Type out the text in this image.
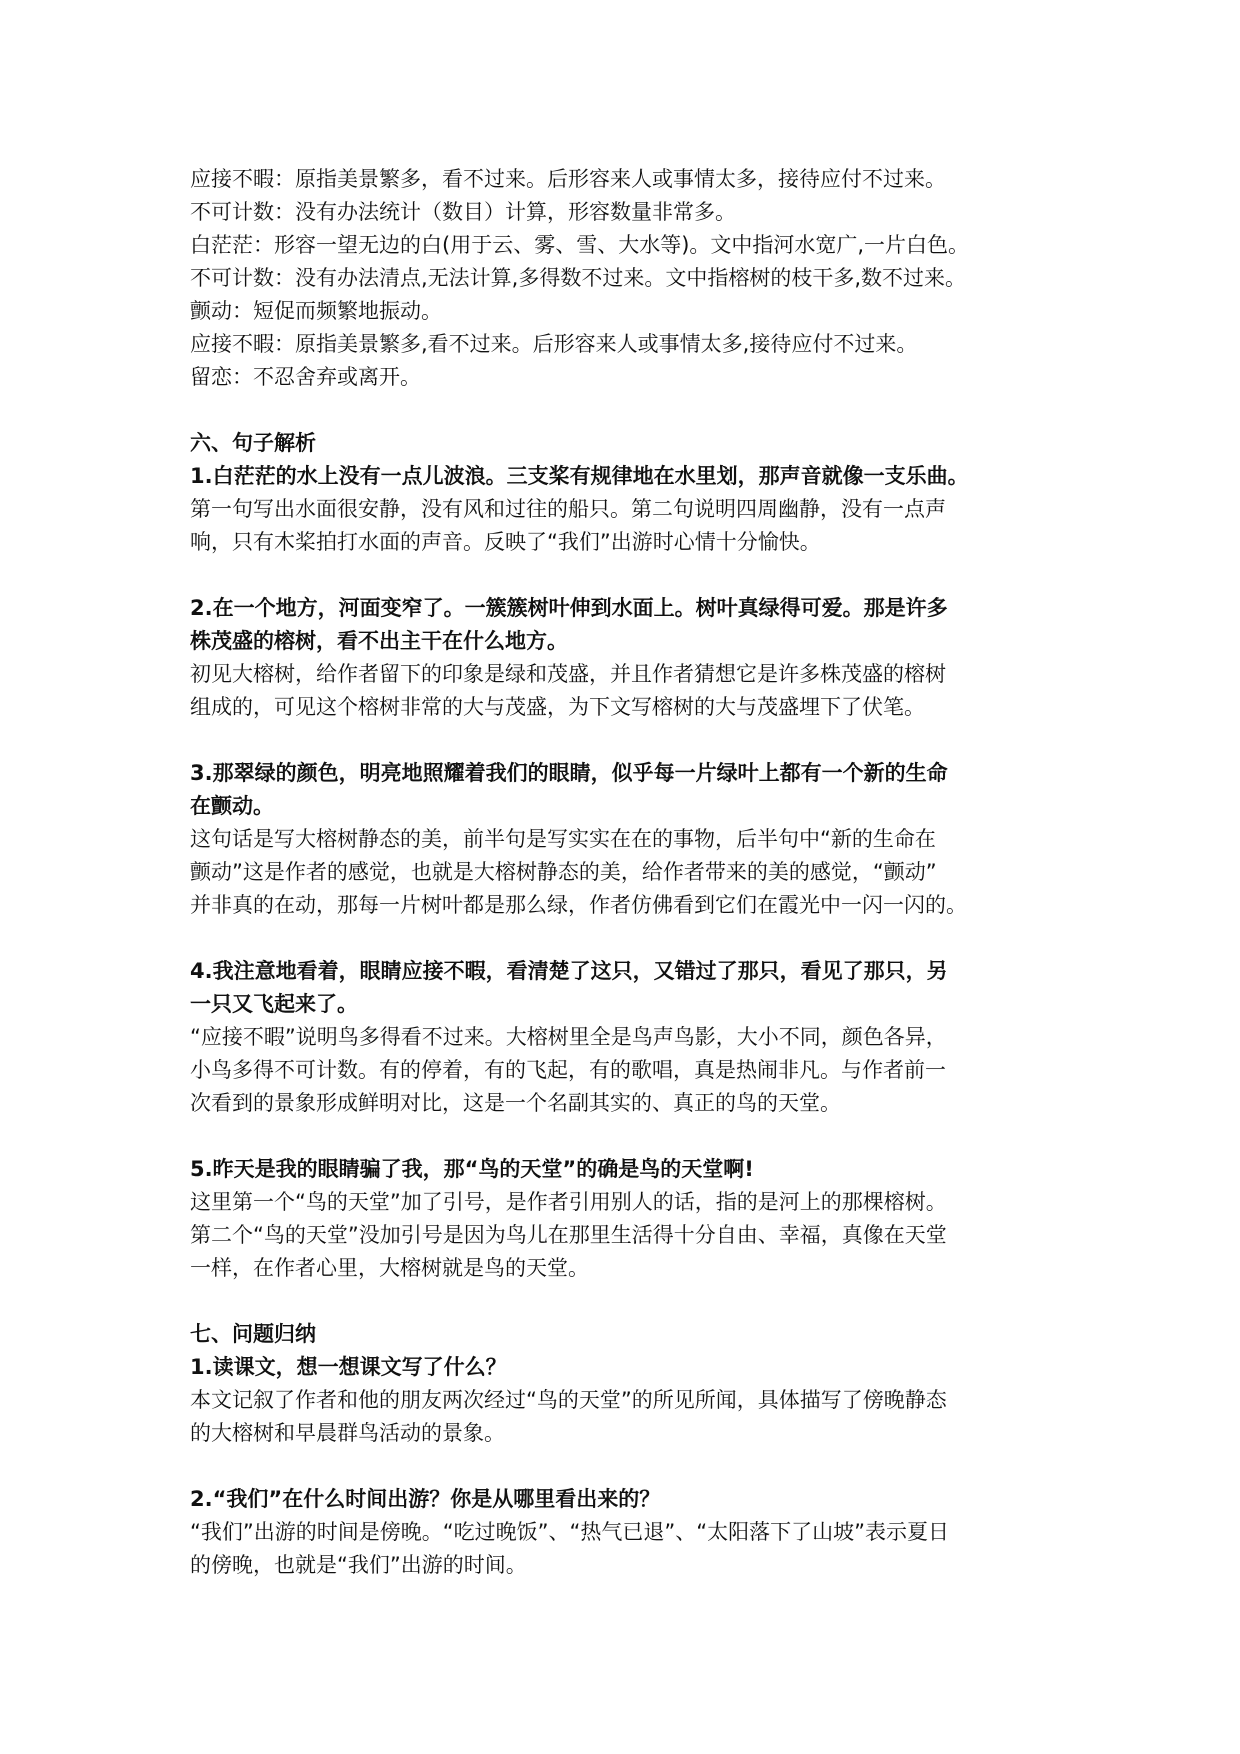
应接不暇：原指美景繁多，看不过来。后形容来人或事情太多，接待应付不过来。
不可计数：没有办法统计（数目）计算，形容数量非常多。
白茫茫：形容一望无边的白(用于云、雾、雪、大水等)。文中指河水宽广,一片白色。
不可计数：没有办法清点,无法计算,多得数不过来。文中指榕树的枝干多,数不过来。
颤动：短促而频繁地振动。
应接不暇：原指美景繁多,看不过来。后形容来人或事情太多,接待应付不过来。
留恋：不忍舍弃或离开。
六、句子解析
1.白茫茫的水上没有一点儿波浪。三支桨有规律地在水里划，那声音就像一支乐曲。
第一句写出水面很安静，没有风和过往的船只。第二句说明四周幽静，没有一点声
响，只有木桨拍打水面的声音。反映了“我们”出游时心情十分愉快。
2.在一个地方，河面变窄了。一簇簇树叶伸到水面上。树叶真绿得可爱。那是许多
株茂盛的榕树，看不出主干在什么地方。
初见大榕树，给作者留下的印象是绿和茂盛，并且作者猜想它是许多株茂盛的榕树
组成的，可见这个榕树非常的大与茂盛，为下文写榕树的大与茂盛埋下了伏笔。
3.那翠绿的颜色，明亮地照耀着我们的眼睛，似乎每一片绿叶上都有一个新的生命
在颤动。
这句话是写大榕树静态的美，前半句是写实实在在的事物，后半句中“新的生命在
颤动”这是作者的感觉，也就是大榕树静态的美，给作者带来的美的感觉，“颤动”
并非真的在动，那每一片树叶都是那么绿，作者仿佛看到它们在霞光中一闪一闪的。
4.我注意地看着，眼睛应接不暇，看清楚了这只，又错过了那只，看见了那只，另
一只又飞起来了。
“应接不暇”说明鸟多得看不过来。大榕树里全是鸟声鸟影，大小不同，颜色各异，
小鸟多得不可计数。有的停着，有的飞起，有的歌唱，真是热闹非凡。与作者前一
次看到的景象形成鲜明对比，这是一个名副其实的、真正的鸟的天堂。
5.昨天是我的眼睛骗了我，那“鸟的天堂”的确是鸟的天堂啊!
这里第一个“鸟的天堂”加了引号，是作者引用别人的话，指的是河上的那棵榕树。
第二个“鸟的天堂”没加引号是因为鸟儿在那里生活得十分自由、幸福，真像在天堂
一样，在作者心里，大榕树就是鸟的天堂。
七、问题归纳
1.读课文，想一想课文写了什么？
本文记叙了作者和他的朋友两次经过“鸟的天堂”的所见所闻，具体描写了傍晚静态
的大榕树和早晨群鸟活动的景象。
2.“我们”在什么时间出游？你是从哪里看出来的？
“我们”出游的时间是傍晚。“吃过晚饭”、“热气已退”、“太阳落下了山坡”表示夏日
的傍晚，也就是“我们”出游的时间。
